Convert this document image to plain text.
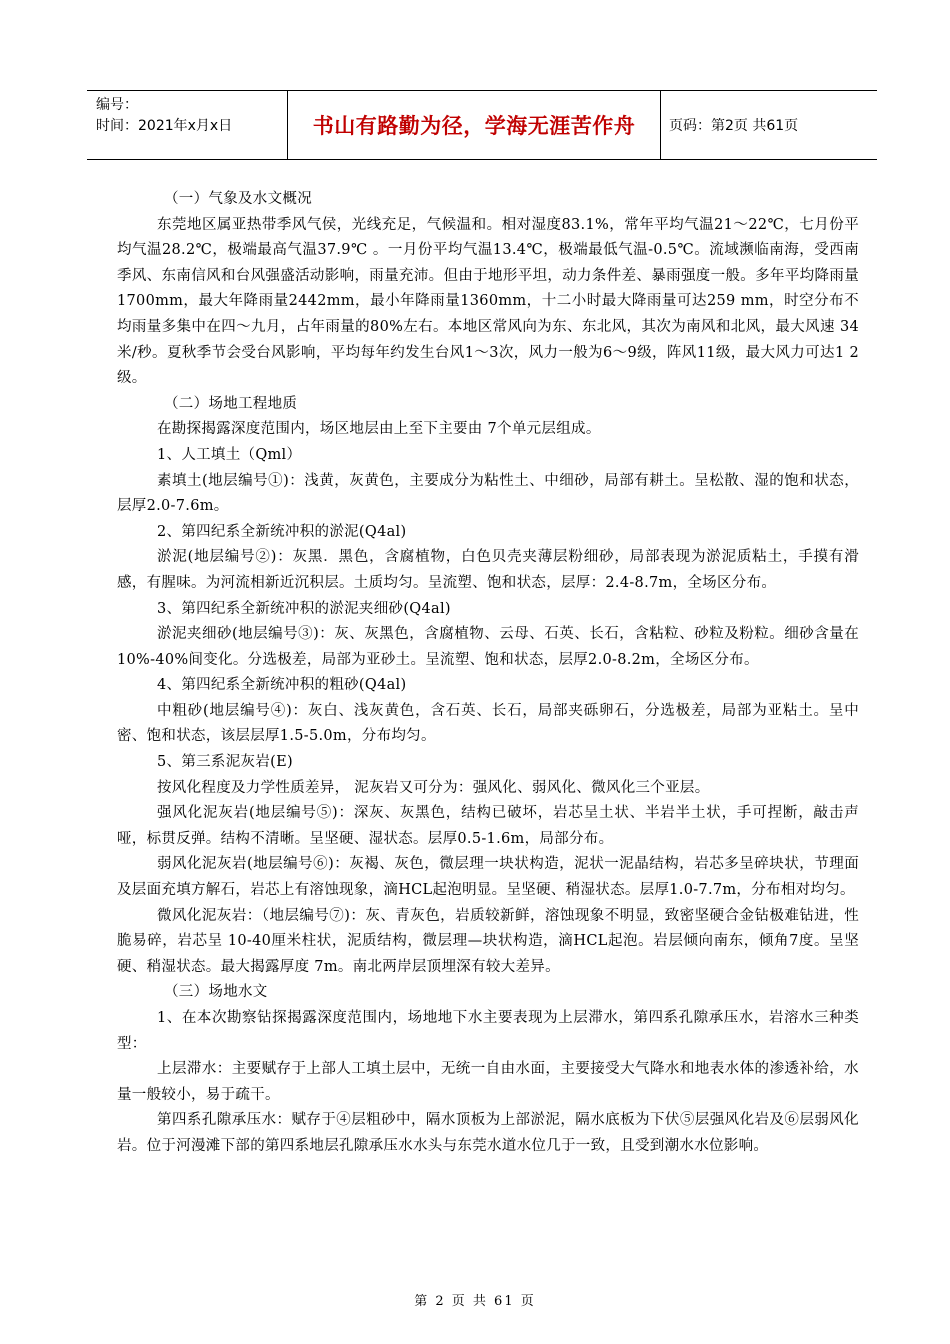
编号：
时间：2021年x月x日	书山有路勤为径，学海无涯苦作舟 页码：第2页 共61页

（一）气象及水文概况

东莞地区属亚热带季风气侯，光线充足，气候温和。相对湿度83.1%，常年平均气温21～22℃，七月份平均气温28.2℃，极端最高气温37.9℃ 。一月份平均气温13.4℃，极端最低气温-0.5℃。流域濒临南海，受西南季风、东南信风和台风强盛活动影响，雨量充沛。但由于地形平坦，动力条件差、暴雨强度一般。多年平均降雨量1700mm，最大年降雨量2442mm，最小年降雨量1360mm，十二小时最大降雨量可达259 mm，时空分布不均雨量多集中在四～九月，占年雨量的80%左右。本地区常风向为东、东北风，其次为南风和北风，最大风速 34米/秒。夏秋季节会受台风影响，平均每年约发生台风1～3次，风力一般为6～9级，阵风11级，最大风力可达1 2级。

（二）场地工程地质

在勘探揭露深度范围内，场区地层由上至下主要由 7个单元层组成。

1、人工填土（Qml）

素填土(地层编号①)：浅黄，灰黄色，主要成分为粘性土、中细砂，局部有耕土。呈松散、湿的饱和状态，层厚2.0-7.6m。

2、第四纪系全新统冲积的淤泥(Q4al)

淤泥(地层编号②)：灰黑．黑色，含腐植物，白色贝壳夹薄层粉细砂，局部表现为淤泥质粘土，手摸有滑感，有腥味。为河流相新近沉积层。土质均匀。呈流塑、饱和状态，层厚：2.4-8.7m，全场区分布。

3、第四纪系全新统冲积的淤泥夹细砂(Q4al)

淤泥夹细砂(地层编号③)：灰、灰黑色，含腐植物、云母、石英、长石，含粘粒、砂粒及粉粒。细砂含量在10%-40%间变化。分选极差，局部为亚砂土。呈流塑、饱和状态，层厚2.0-8.2m，全场区分布。

4、第四纪系全新统冲积的粗砂(Q4al)

中粗砂(地层编号④)：灰白、浅灰黄色，含石英、长石，局部夹砾卵石，分选极差，局部为亚粘土。呈中密、饱和状态，该层层厚1.5-5.0m，分布均匀。

5、第三系泥灰岩(E)

按风化程度及力学性质差异， 泥灰岩又可分为：强风化、弱风化、微风化三个亚层。

强风化泥灰岩(地层编号⑤)：深灰、灰黑色，结构已破坏，岩芯呈土状、半岩半土状，手可捏断，敲击声哑，标贯反弹。结构不清晰。呈坚硬、湿状态。层厚0.5-1.6m，局部分布。

弱风化泥灰岩(地层编号⑥)：灰褐、灰色，微层理一块状构造，泥状一泥晶结构，岩芯多呈碎块状，节理面及层面充填方解石，岩芯上有溶蚀现象，滴HCL起泡明显。呈坚硬、稍湿状态。层厚1.0-7.7m，分布相对均匀。

微风化泥灰岩：（地层编号⑦)：灰、青灰色，岩质较新鲜，溶蚀现象不明显，致密坚硬合金钻极难钻进，性脆易碎，岩芯呈 10-40厘米柱状，泥质结构，微层理—块状构造，滴HCL起泡。岩层倾向南东，倾角7度。呈坚硬、稍湿状态。最大揭露厚度 7m。南北两岸层顶埋深有较大差异。

（三）场地水文

1、在本次勘察钻探揭露深度范围内，场地地下水主要表现为上层滞水，第四系孔隙承压水，岩溶水三种类型：

上层滞水：主要赋存于上部人工填土层中，无统一自由水面，主要接受大气降水和地表水体的渗透补给，水量一般较小，易于疏干。

第四系孔隙承压水：赋存于④层粗砂中，隔水顶板为上部淤泥，隔水底板为下伏⑤层强风化岩及⑥层弱风化岩。位于河漫滩下部的第四系地层孔隙承压水水头与东莞水道水位几于一致，且受到潮水水位影响。

第 2 页 共 61 页
